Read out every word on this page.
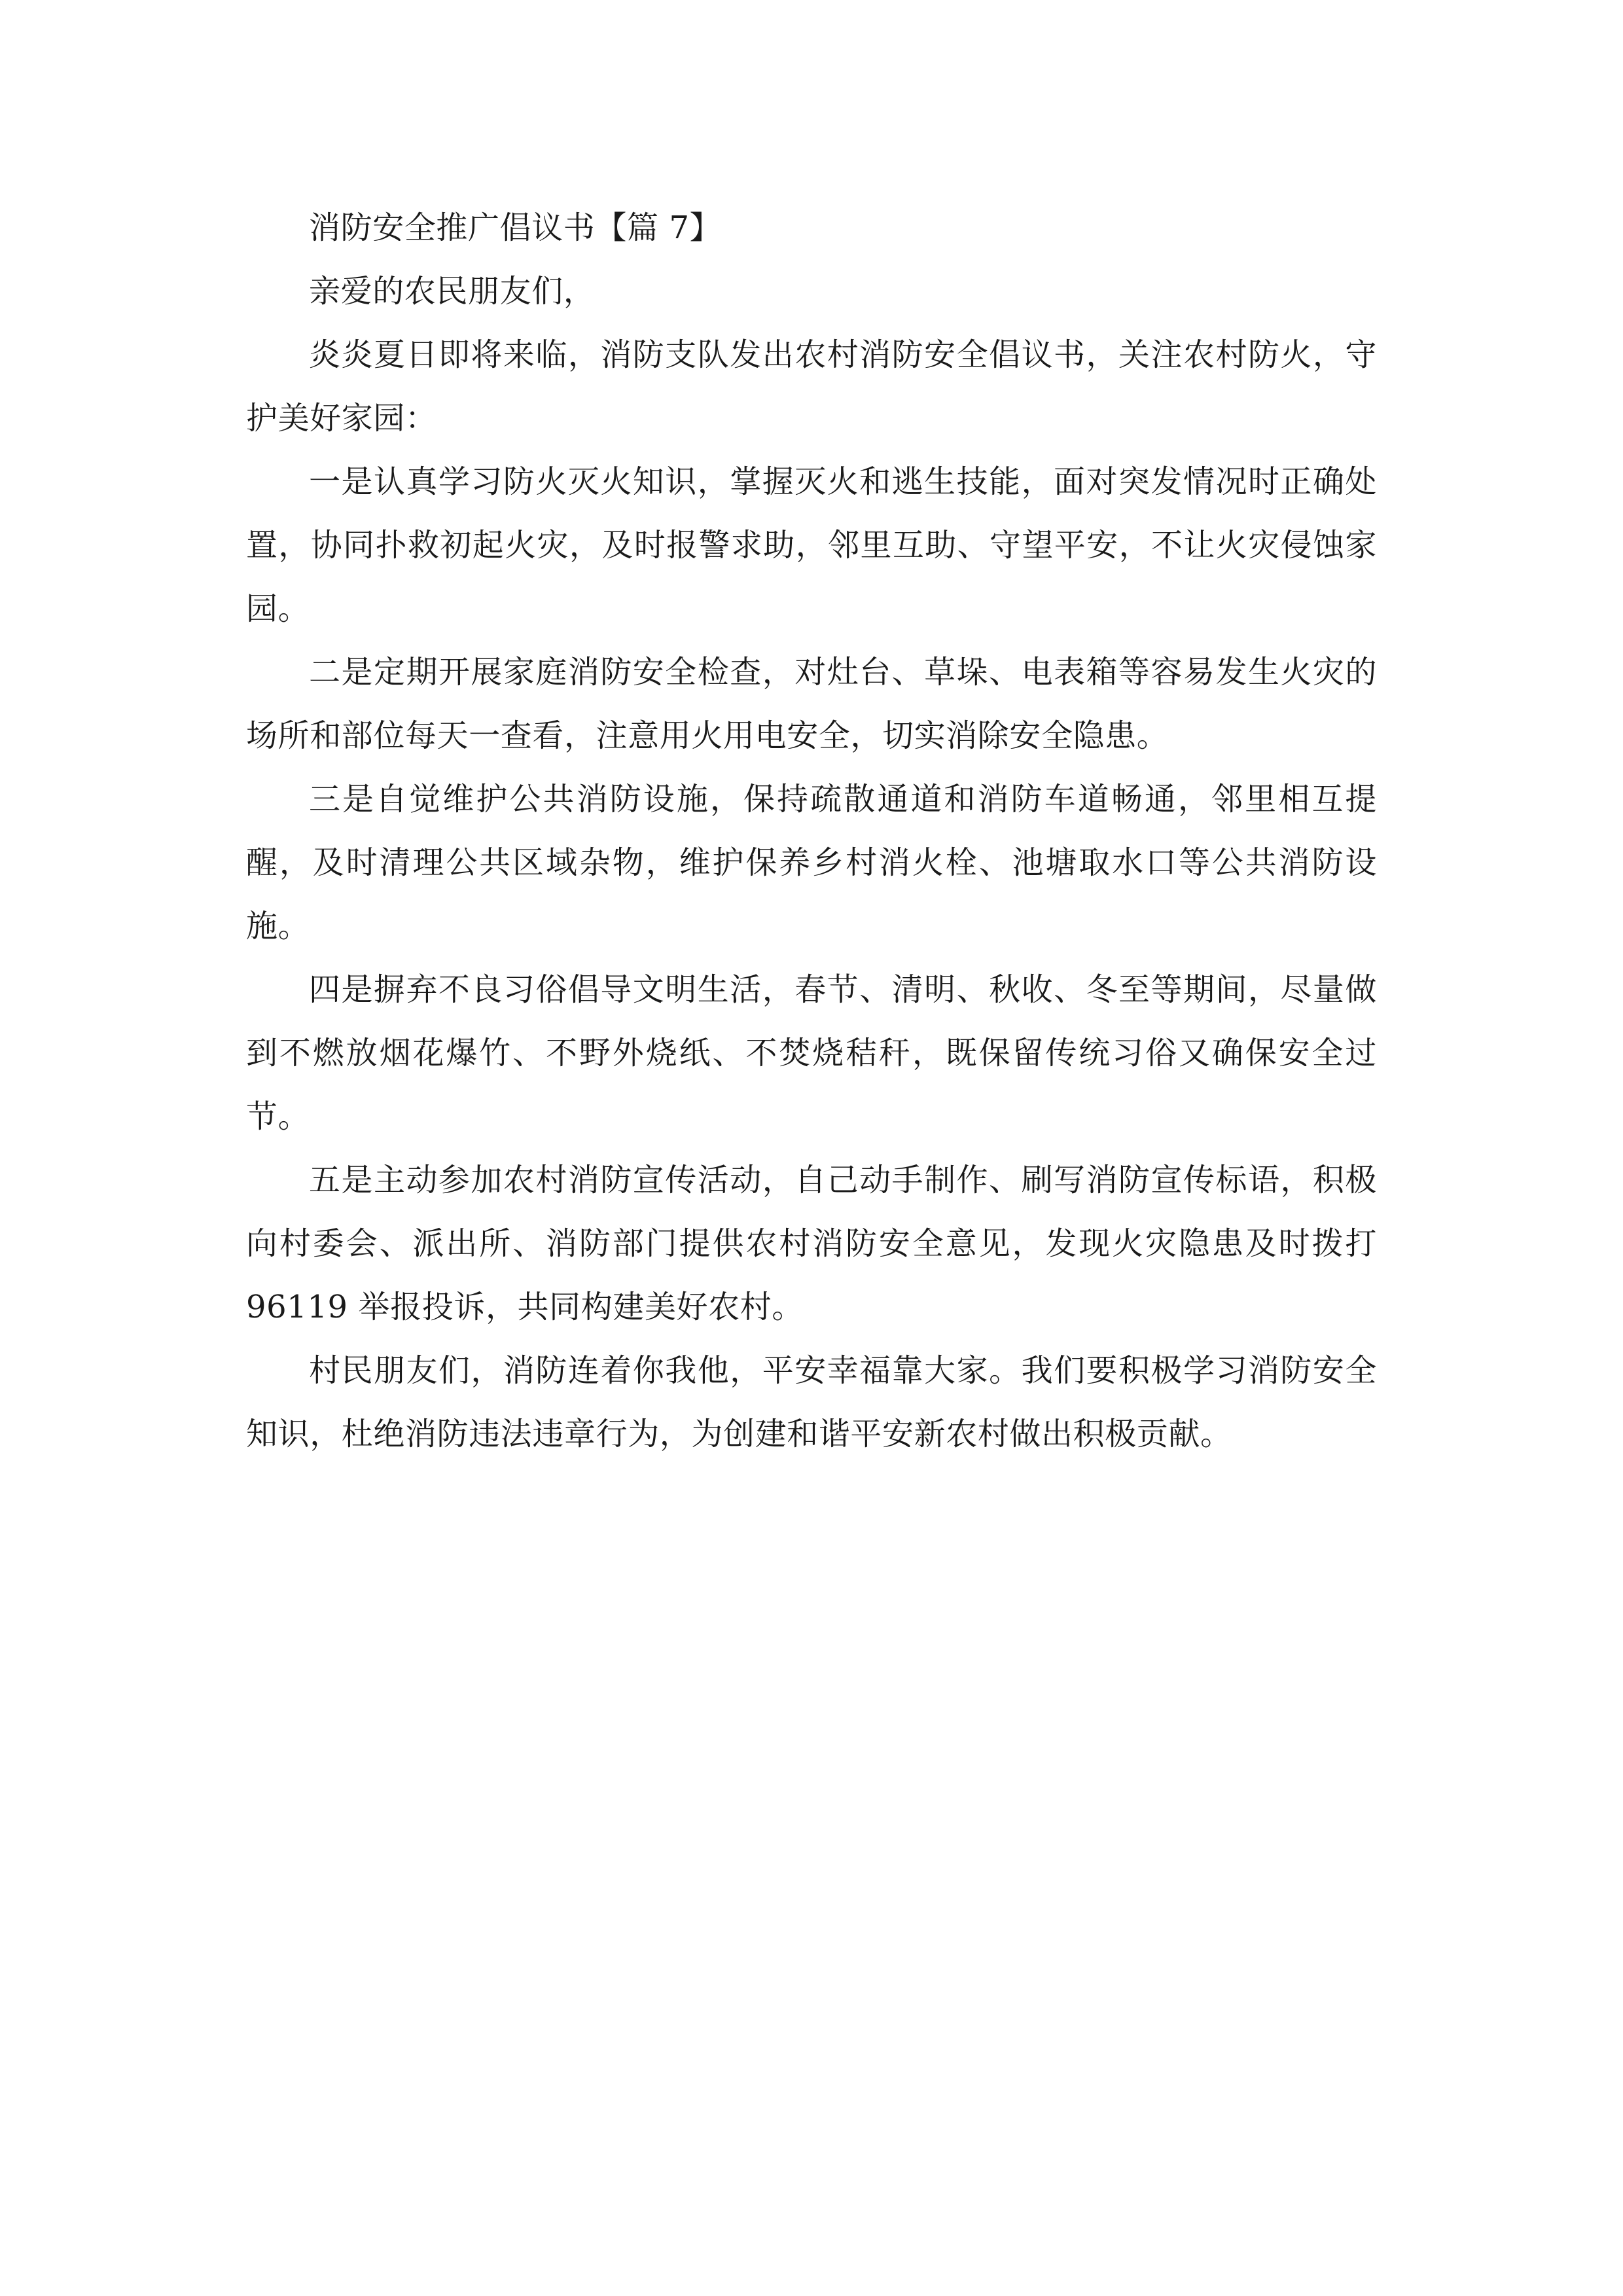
消防安全推广倡议书【篇 7】

亲爱的农民朋友们，

炎炎夏日即将来临，消防支队发出农村消防安全倡议书，关注农村防火，守护美好家园：

一是认真学习防火灭火知识，掌握灭火和逃生技能，面对突发情况时正确处置，协同扑救初起火灾，及时报警求助，邻里互助、守望平安，不让火灾侵蚀家园。

二是定期开展家庭消防安全检查，对灶台、草垛、电表箱等容易发生火灾的场所和部位每天一查看，注意用火用电安全，切实消除安全隐患。

三是自觉维护公共消防设施，保持疏散通道和消防车道畅通，邻里相互提醒，及时清理公共区域杂物，维护保养乡村消火栓、池塘取水口等公共消防设施。

四是摒弃不良习俗倡导文明生活，春节、清明、秋收、冬至等期间，尽量做到不燃放烟花爆竹、不野外烧纸、不焚烧秸秆，既保留传统习俗又确保安全过节。

五是主动参加农村消防宣传活动，自己动手制作、刷写消防宣传标语，积极向村委会、派出所、消防部门提供农村消防安全意见，发现火灾隐患及时拨打 96119 举报投诉，共同构建美好农村。

村民朋友们，消防连着你我他，平安幸福靠大家。我们要积极学习消防安全知识，杜绝消防违法违章行为，为创建和谐平安新农村做出积极贡献。
